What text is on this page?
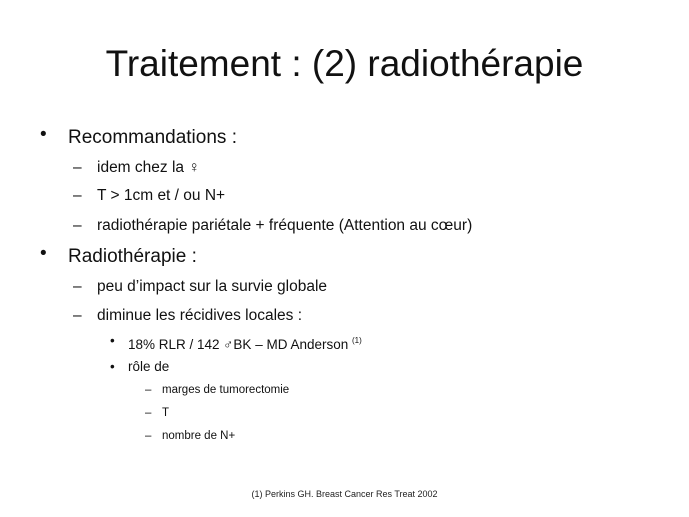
Traitement : (2) radiothérapie
• Recommandations :
– idem chez la ♀
– T > 1cm et / ou N+
– radiothérapie pariétale + fréquente (Attention au cœur)
• Radiothérapie :
– peu d’impact sur la survie globale
– diminue les récidives locales :
• 18% RLR / 142 ♂BK – MD Anderson $^{(1)}$
• rôle de
– marges de tumorectomie
– T
– nombre de N+
(1) Perkins GH. Breast Cancer Res Treat 2002
